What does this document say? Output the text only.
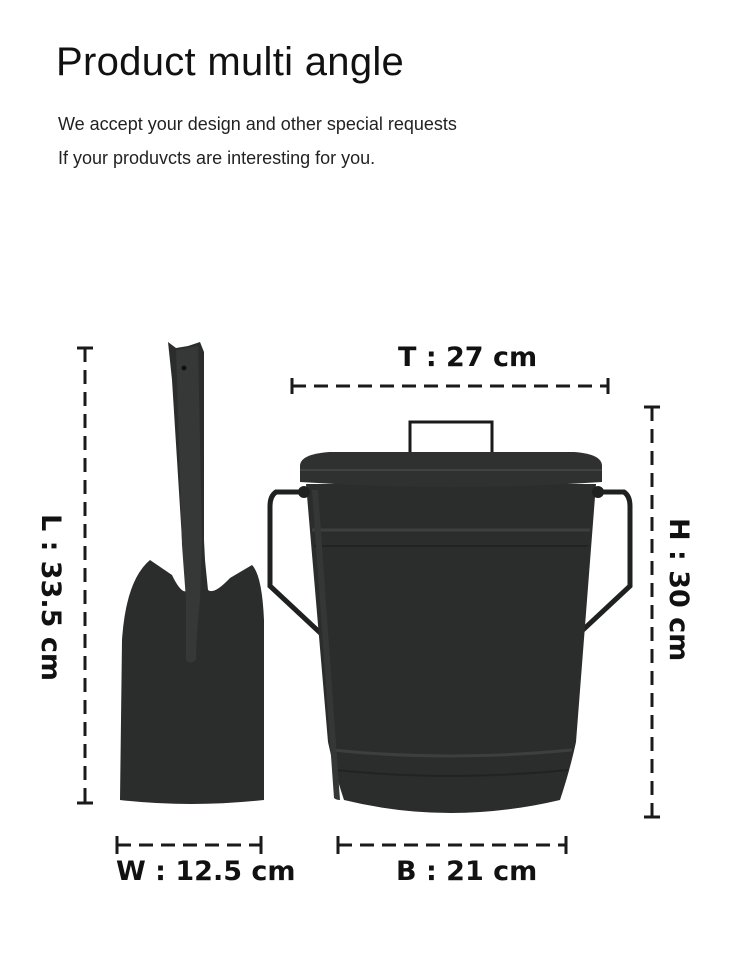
Product multi angle
We accept your design and other special requests
If your produvcts are interesting for you.
T : 27 cm
W : 12.5 cm	B : 21 cm
L : 33.5 cm	H : 30 cm
